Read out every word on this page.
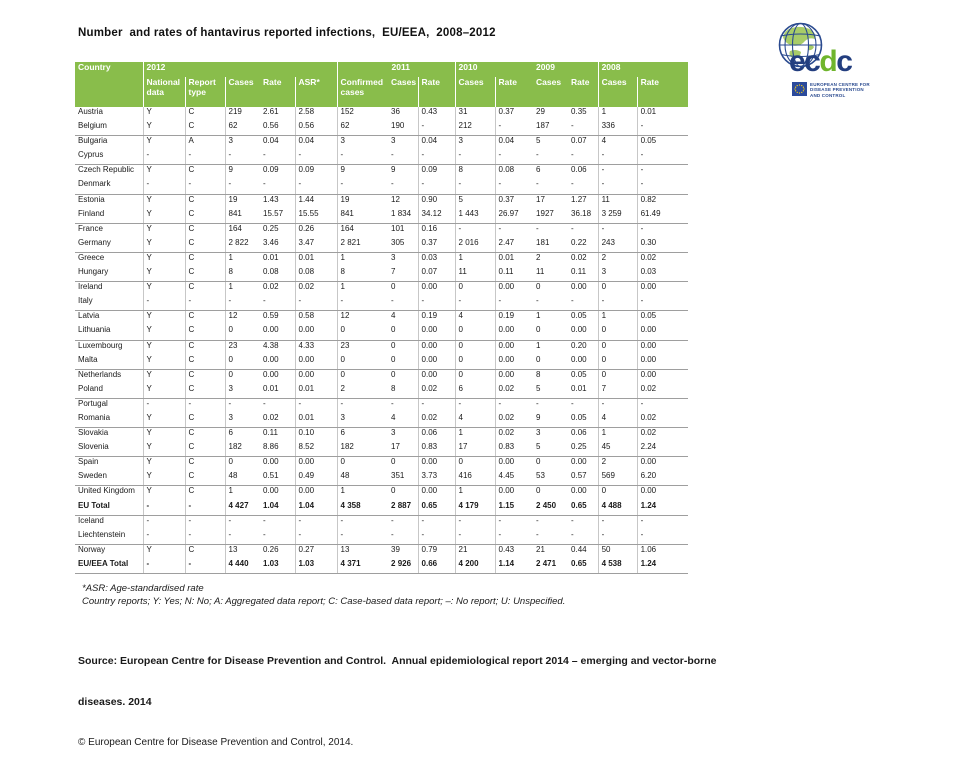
Number  and rates of hantavirus reported infections,  EU/EEA,  2008–2012
ecdc
EUROPEAN CENTRE FOR
DISEASE PREVENTION
AND CONTROL
Country	2012					2011			2010		2009		2008	
	National data	Report type	Cases	Rate	ASR*	Confirmed cases	Cases	Rate	Cases	Rate	Cases	Rate	Cases	Rate
Austria	Y	C	219	2.61	2.58	152	36	0.43	31	0.37	29	0.35	1	0.01
Belgium	Y	C	62	0.56	0.56	62	190	-	212	-	187	-	336	-
Bulgaria	Y	A	3	0.04	0.04	3	3	0.04	3	0.04	5	0.07	4	0.05
Cyprus	-	-	-	-	-	-	-	-	-	-	-	-	-	-
Czech Republic	Y	C	9	0.09	0.09	9	9	0.09	8	0.08	6	0.06	-	-
Denmark	-	-	-	-	-	-	-	-	-	-	-	-	-	-
Estonia	Y	C	19	1.43	1.44	19	12	0.90	5	0.37	17	1.27	11	0.82
Finland	Y	C	841	15.57	15.55	841	1 834	34.12	1 443	26.97	1927	36.18	3 259	61.49
France	Y	C	164	0.25	0.26	164	101	0.16	-	-	-	-	-	-
Germany	Y	C	2 822	3.46	3.47	2 821	305	0.37	2 016	2.47	181	0.22	243	0.30
Greece	Y	C	1	0.01	0.01	1	3	0.03	1	0.01	2	0.02	2	0.02
Hungary	Y	C	8	0.08	0.08	8	7	0.07	11	0.11	11	0.11	3	0.03
Ireland	Y	C	1	0.02	0.02	1	0	0.00	0	0.00	0	0.00	0	0.00
Italy	-	-	-	-	-	-	-	-	-	-	-	-	-	-
Latvia	Y	C	12	0.59	0.58	12	4	0.19	4	0.19	1	0.05	1	0.05
Lithuania	Y	C	0	0.00	0.00	0	0	0.00	0	0.00	0	0.00	0	0.00
Luxembourg	Y	C	23	4.38	4.33	23	0	0.00	0	0.00	1	0.20	0	0.00
Malta	Y	C	0	0.00	0.00	0	0	0.00	0	0.00	0	0.00	0	0.00
Netherlands	Y	C	0	0.00	0.00	0	0	0.00	0	0.00	8	0.05	0	0.00
Poland	Y	C	3	0.01	0.01	2	8	0.02	6	0.02	5	0.01	7	0.02
Portugal	-	-	-	-	-	-	-	-	-	-	-	-	-	-
Romania	Y	C	3	0.02	0.01	3	4	0.02	4	0.02	9	0.05	4	0.02
Slovakia	Y	C	6	0.11	0.10	6	3	0.06	1	0.02	3	0.06	1	0.02
Slovenia	Y	C	182	8.86	8.52	182	17	0.83	17	0.83	5	0.25	45	2.24
Spain	Y	C	0	0.00	0.00	0	0	0.00	0	0.00	0	0.00	2	0.00
Sweden	Y	C	48	0.51	0.49	48	351	3.73	416	4.45	53	0.57	569	6.20
United Kingdom	Y	C	1	0.00	0.00	1	0	0.00	1	0.00	0	0.00	0	0.00
EU Total	-	-	4 427	1.04	1.04	4 358	2 887	0.65	4 179	1.15	2 450	0.65	4 488	1.24
Iceland	-	-	-	-	-	-	-	-	-	-	-	-	-	-
Liechtenstein	-	-	-	-	-	-	-	-	-	-	-	-	-	-
Norway	Y	C	13	0.26	0.27	13	39	0.79	21	0.43	21	0.44	50	1.06
EU/EEA Total	-	-	4 440	1.03	1.03	4 371	2 926	0.66	4 200	1.14	2 471	0.65	4 538	1.24
*ASR: Age-standardised rate
Country reports; Y: Yes; N: No; A: Aggregated data report; C: Case-based data report; –: No report; U: Unspecified.

Source: European Centre for Disease Prevention and Control.  Annual epidemiological report 2014 – emerging and vector-borne

diseases. 2014

© European Centre for Disease Prevention and Control, 2014.
